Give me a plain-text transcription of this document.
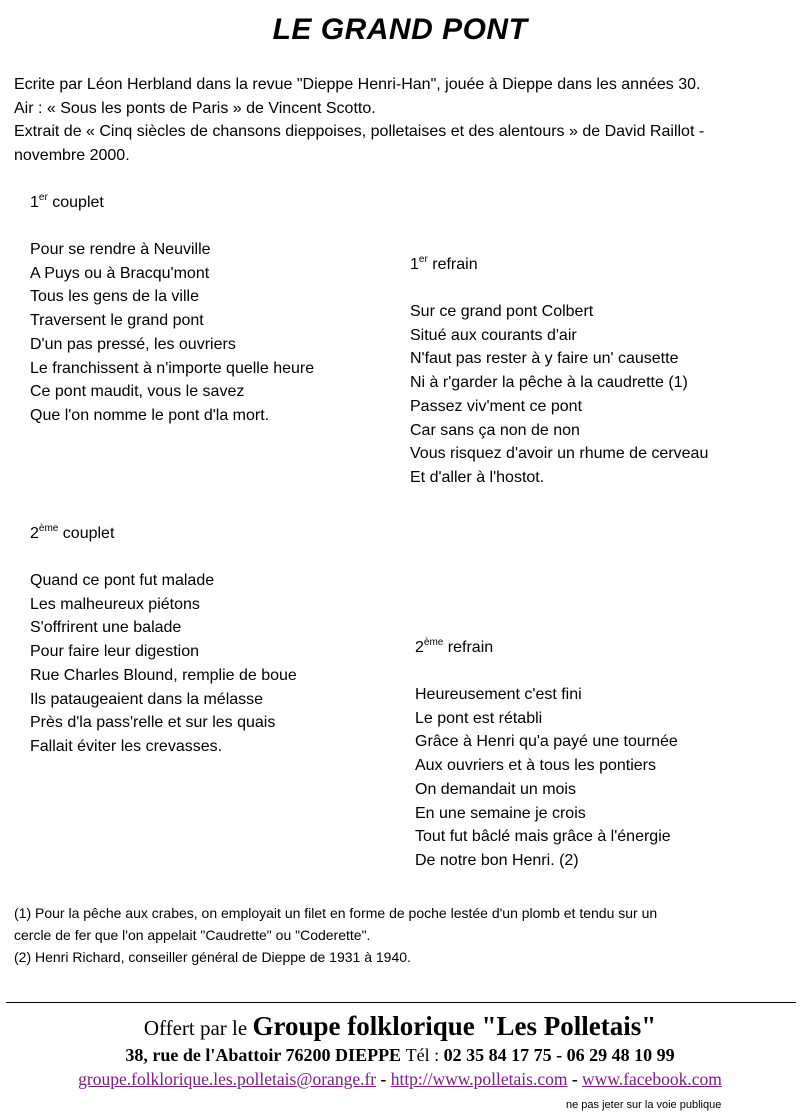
LE GRAND PONT
Ecrite par Léon Herbland dans la revue "Dieppe Henri-Han", jouée à Dieppe dans les années 30.
Air : « Sous les ponts de Paris » de Vincent Scotto.
Extrait de « Cinq siècles de chansons dieppoises, polletaises et des alentours » de David Raillot -
novembre 2000.
1er couplet
Pour se rendre à Neuville
A Puys ou à Bracqu'mont
Tous les gens de la ville
Traversent le grand pont
D'un pas pressé, les ouvriers
Le franchissent à n'importe quelle heure
Ce pont maudit, vous le savez
Que l'on nomme le pont d'la mort.
1er refrain
Sur ce grand pont Colbert
Situé aux courants d'air
N'faut pas rester à y faire un' causette
Ni à r'garder la pêche à la caudrette (1)
Passez viv'ment ce pont
Car sans ça non de non
Vous risquez d'avoir un rhume de cerveau
Et d'aller à l'hostot.
2ème couplet
Quand ce pont fut malade
Les malheureux piétons
S'offrirent une balade
Pour faire leur digestion
Rue Charles Blound, remplie de boue
Ils pataugeaient dans la mélasse
Près d'la pass'relle et sur les quais
Fallait éviter les crevasses.
2ème refrain
Heureusement c'est fini
Le pont est rétabli
Grâce à Henri qu'a payé une tournée
Aux ouvriers et à tous les pontiers
On demandait un mois
En une semaine je crois
Tout fut bâclé mais grâce à l'énergie
De notre bon Henri. (2)
(1) Pour la pêche aux crabes, on employait un filet en forme de poche lestée d'un plomb et tendu sur un
cercle de fer que l'on appelait "Caudrette" ou "Coderette".
(2) Henri Richard, conseiller général de Dieppe de 1931 à 1940.
Offert par le Groupe folklorique "Les Polletais"
38, rue de l'Abattoir 76200 DIEPPE Tél : 02 35 84 17 75 - 06 29 48 10 99
groupe.folklorique.les.polletais@orange.fr - http://www.polletais.com - www.facebook.com
ne pas jeter sur la voie publique
